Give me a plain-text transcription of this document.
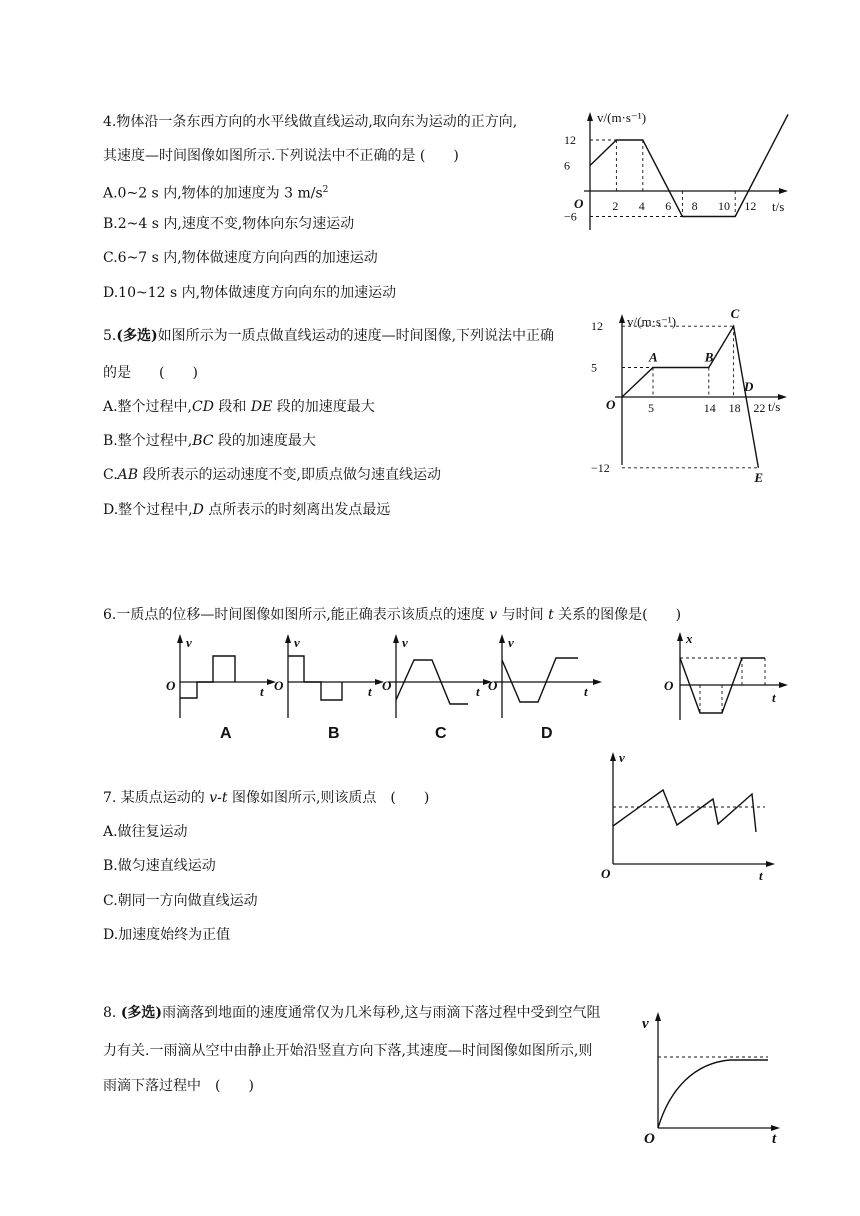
4.物体沿一条东西方向的水平线做直线运动,取向东为运动的正方向,
其速度—时间图像如图所示.下列说法中不正确的是 (　　)
A.0~2 s 内,物体的加速度为 3 $m/s^2$
B.2~4 s 内,速度不变,物体向东匀速运动
C.6~7 s 内,物体做速度方向向西的加速运动
D.10~12 s 内,物体做速度方向向东的加速运动
v/(m·s⁻¹)
t/s
O
12
6
−6
2 4 6 8 10 12
5.(多选)如图所示为一质点做直线运动的速度—时间图像,下列说法中正确
的是　　(　　)
A.整个过程中,CD 段和 DE 段的加速度最大
B.整个过程中,BC 段的加速度最大
C.AB 段所表示的运动速度不变,即质点做匀速直线运动
D.整个过程中,D 点所表示的时刻离出发点最远
v/(m·s⁻¹)
t/s
O
12
5
−12
5	14 18 22
A	B
C
D
E
6.一质点的位移—时间图像如图所示,能正确表示该质点的速度 v 与时间 t 关系的图像是(　　)
v
t
O
A
v
t
O
B
v
t
O
C
v
t
O
D
x
t
O
7. 某质点运动的 v-t 图像如图所示,则该质点　(　　)
A.做往复运动
B.做匀速直线运动
C.朝同一方向做直线运动
D.加速度始终为正值
v
t
O
8. (多选)雨滴落到地面的速度通常仅为几米每秒,这与雨滴下落过程中受到空气阻
力有关.一雨滴从空中由静止开始沿竖直方向下落,其速度—时间图像如图所示,则
雨滴下落过程中　(　　)
v
t
O
